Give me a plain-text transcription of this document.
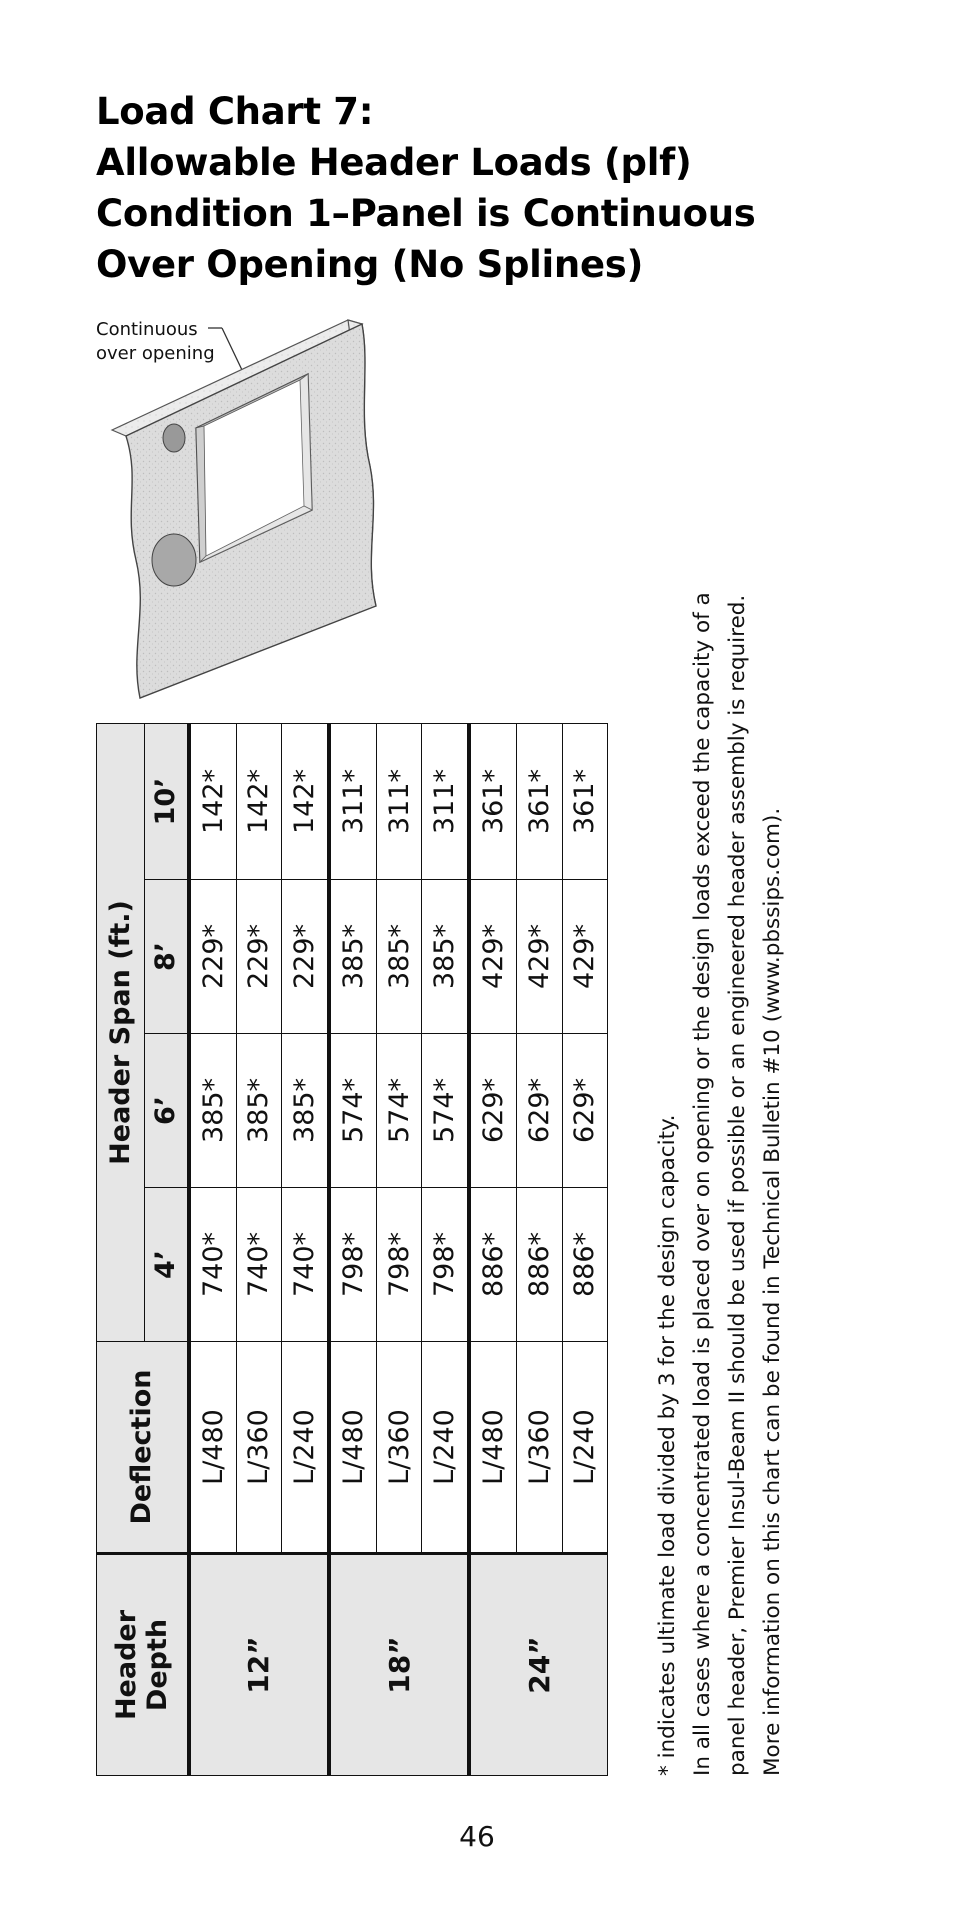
Load Chart 7:
Allowable Header Loads (plf)
Condition 1–Panel is Continuous
Over Opening (No Splines)
Continuous
over opening
Header Depth	Deflection	Header Span (ft.)			
		4’	6’	8’	10’
12”	L/480	740*	385*	229*	142*
	L/360	740*	385*	229*	142*
	L/240	740*	385*	229*	142*
18”	L/480	798*	574*	385*	311*
	L/360	798*	574*	385*	311*
	L/240	798*	574*	385*	311*
24”	L/480	886*	629*	429*	361*
	L/360	886*	629*	429*	361*
	L/240	886*	629*	429*	361*
* indicates ultimate load divided by 3 for the design capacity. In all cases where a concentrated load is placed over on opening or the design loads exceed the capacity of a panel header, Premier Insul-Beam II should be used if possible or an engineered header assembly is required. More information on this chart can be found in Technical Bulletin #10 (www.pbssips.com).
46
